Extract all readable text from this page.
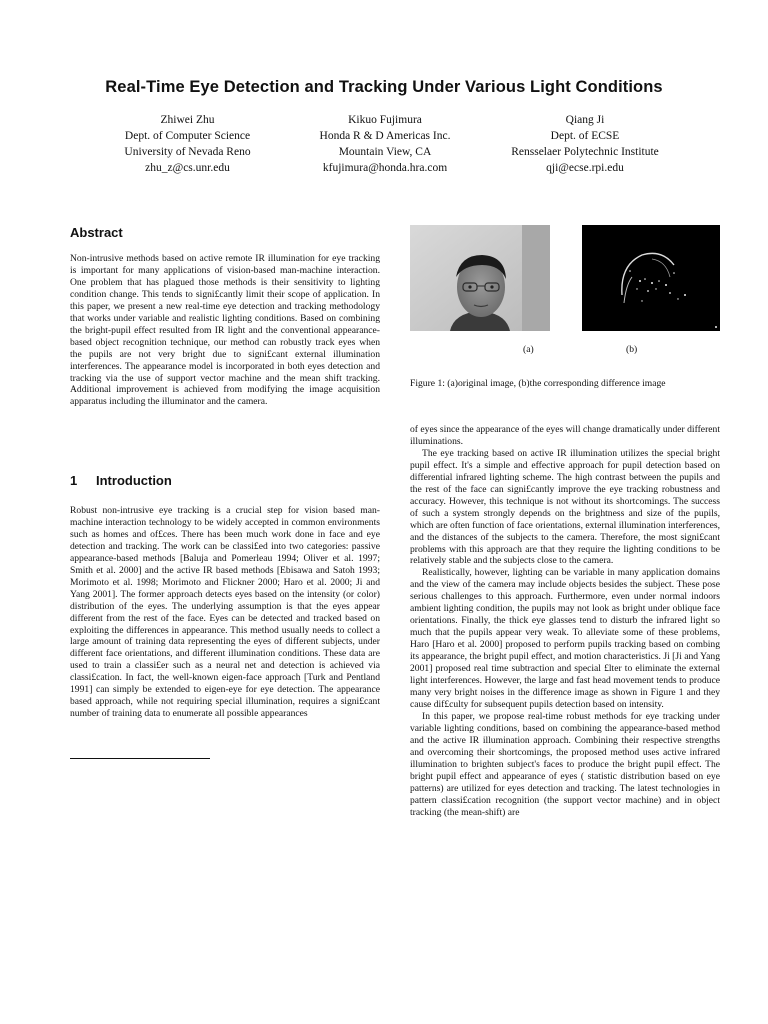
Real-Time Eye Detection and Tracking Under Various Light Conditions
Zhiwei Zhu
Dept. of Computer Science
University of Nevada Reno
zhu_z@cs.unr.edu
Kikuo Fujimura
Honda R & D Americas Inc.
Mountain View, CA
kfujimura@honda.hra.com
Qiang Ji
Dept. of ECSE
Rensselaer Polytechnic Institute
qji@ecse.rpi.edu
Abstract

Non-intrusive methods based on active remote IR illumination for eye tracking is important for many applications of vision-based man-machine interaction. One problem that has plagued those methods is their sensitivity to lighting condition change. This tends to signi£cantly limit their scope of application. In this paper, we present a new real-time eye detection and tracking methodology that works under variable and realistic lighting conditions. Based on combining the bright-pupil effect resulted from IR light and the conventional appearance-based object recognition technique, our method can robustly track eyes when the pupils are not very bright due to signi£cant external illumination interferences. The appearance model is incorporated in both eyes detection and tracking via the use of support vector machine and the mean shift tracking. Additional improvement is achieved from modifying the image acquisition apparatus including the illuminator and the camera.

1 Introduction

Robust non-intrusive eye tracking is a crucial step for vision based man-machine interaction technology to be widely accepted in common environments such as homes and of£ces. There has been much work done in face and eye detection and tracking. The work can be classi£ed into two categories: passive appearance-based methods [Baluja and Pomerleau 1994; Oliver et al. 1997; Smith et al. 2000] and the active IR based methods [Ebisawa and Satoh 1993; Morimoto et al. 1998; Morimoto and Flickner 2000; Haro et al. 2000; Ji and Yang 2001]. The former approach detects eyes based on the intensity (or color) distribution of the eyes. The underlying assumption is that the eyes appear different from the rest of the face. Eyes can be detected and tracked based on exploiting the differences in appearance. This method usually needs to collect a large amount of training data representing the eyes of different subjects, under different face orientations, and different illumination conditions. These data are used to train a classi£er such as a neural net and detection is achieved via classi£cation. In fact, the well-known eigen-face approach [Turk and Pentland 1991] can simply be extended to eigen-eye for eye detection. The appearance based approach, while not requiring special illumination, requires a signi£cant number of training data to enumerate all possible appearances

(a)	(b)
Figure 1: (a)original image, (b)the corresponding difference image

of eyes since the appearance of the eyes will change dramatically under different illuminations.

The eye tracking based on active IR illumination utilizes the special bright pupil effect. It's a simple and effective approach for pupil detection based on differential infrared lighting scheme. The high contrast between the pupils and the rest of the face can signi£cantly improve the eye tracking robustness and accuracy. However, this technique is not without its shortcomings. The success of such a system strongly depends on the brightness and size of the pupils, which are often function of face orientations, external illumination interferences, and the distances of the subjects to the camera. Therefore, the most signi£cant problems with this approach are that they require the lighting conditions to be relatively stable and the subjects close to the camera.

Realistically, however, lighting can be variable in many application domains and the view of the camera may include objects besides the subject. These pose serious challenges to this approach. Furthermore, even under normal indoors ambient lighting condition, the pupils may not look as bright under oblique face orientations. Finally, the thick eye glasses tend to disturb the infrared light so much that the pupils appear very weak. To alleviate some of these problems, Haro [Haro et al. 2000] proposed to perform pupils tracking based on combing its appearance, the bright pupil effect, and motion characteristics. Ji [Ji and Yang 2001] proposed real time subtraction and special £lter to eliminate the external light interferences. However, the large and fast head movement tends to produce many very bright noises in the difference image as shown in Figure 1 and they cause dif£culty for subsequent pupils detection based on intensity.

In this paper, we propose real-time robust methods for eye tracking under variable lighting conditions, based on combining the appearance-based method and the active IR illumination approach. Combining their respective strengths and overcoming their shortcomings, the proposed method uses active infrared illumination to brighten subject's faces to produce the bright pupil effect. The bright pupil effect and appearance of eyes ( statistic distribution based on eye patterns) are utilized for eyes detection and tracking. The latest technologies in pattern classi£cation recognition (the support vector machine) and in object tracking (the mean-shift) are
